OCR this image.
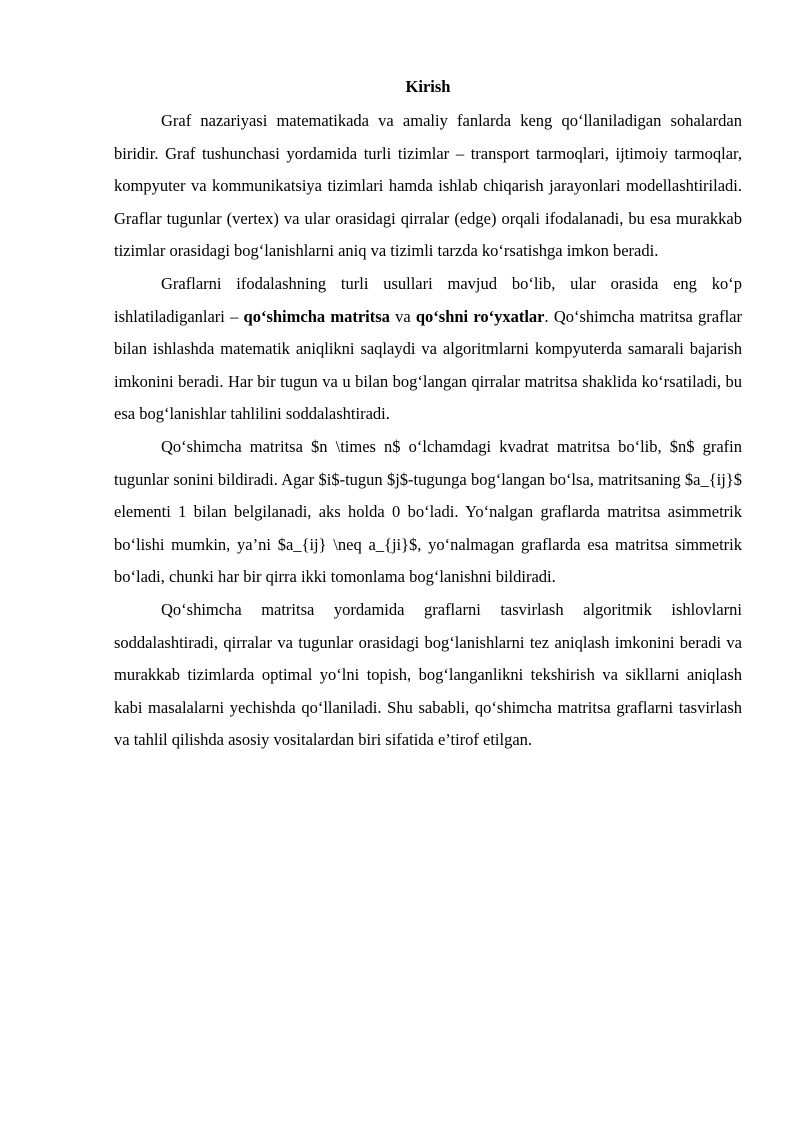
Kirish

Graf nazariyasi matematikada va amaliy fanlarda keng qo‘llaniladigan sohalardan biridir. Graf tushunchasi yordamida turli tizimlar – transport tarmoqlari, ijtimoiy tarmoqlar, kompyuter va kommunikatsiya tizimlari hamda ishlab chiqarish jarayonlari modellashtiriladi. Graflar tugunlar (vertex) va ular orasidagi qirralar (edge) orqali ifodalanadi, bu esa murakkab tizimlar orasidagi bog‘lanishlarni aniq va tizimli tarzda ko‘rsatishga imkon beradi.

Graflarni ifodalashning turli usullari mavjud bo‘lib, ular orasida eng ko‘p ishlatiladiganlari – qo‘shimcha matritsa va qo‘shni ro‘yxatlar. Qo‘shimcha matritsa graflar bilan ishlashda matematik aniqlikni saqlaydi va algoritmlarni kompyuterda samarali bajarish imkonini beradi. Har bir tugun va u bilan bog‘langan qirralar matritsa shaklida ko‘rsatiladi, bu esa bog‘lanishlar tahlilini soddalashtiradi.

Qo‘shimcha matritsa $n \times n$ o‘lchamdagi kvadrat matritsa bo‘lib, $n$ grafin tugunlar sonini bildiradi. Agar $i$-tugun $j$-tugunga bog‘langan bo‘lsa, matritsaning $a_{ij}$ elementi 1 bilan belgilanadi, aks holda 0 bo‘ladi. Yo‘nalgan graflarda matritsa asimmetrik bo‘lishi mumkin, ya’ni $a_{ij} \neq a_{ji}$, yo‘nalmagan graflarda esa matritsa simmetrik bo‘ladi, chunki har bir qirra ikki tomonlama bog‘lanishni bildiradi.

Qo‘shimcha matritsa yordamida graflarni tasvirlash algoritmik ishlovlarni soddalashtiradi, qirralar va tugunlar orasidagi bog‘lanishlarni tez aniqlash imkonini beradi va murakkab tizimlarda optimal yo‘lni topish, bog‘langanlikni tekshirish va sikllarni aniqlash kabi masalalarni yechishda qo‘llaniladi. Shu sababli, qo‘shimcha matritsa graflarni tasvirlash va tahlil qilishda asosiy vositalardan biri sifatida e’tirof etilgan.
